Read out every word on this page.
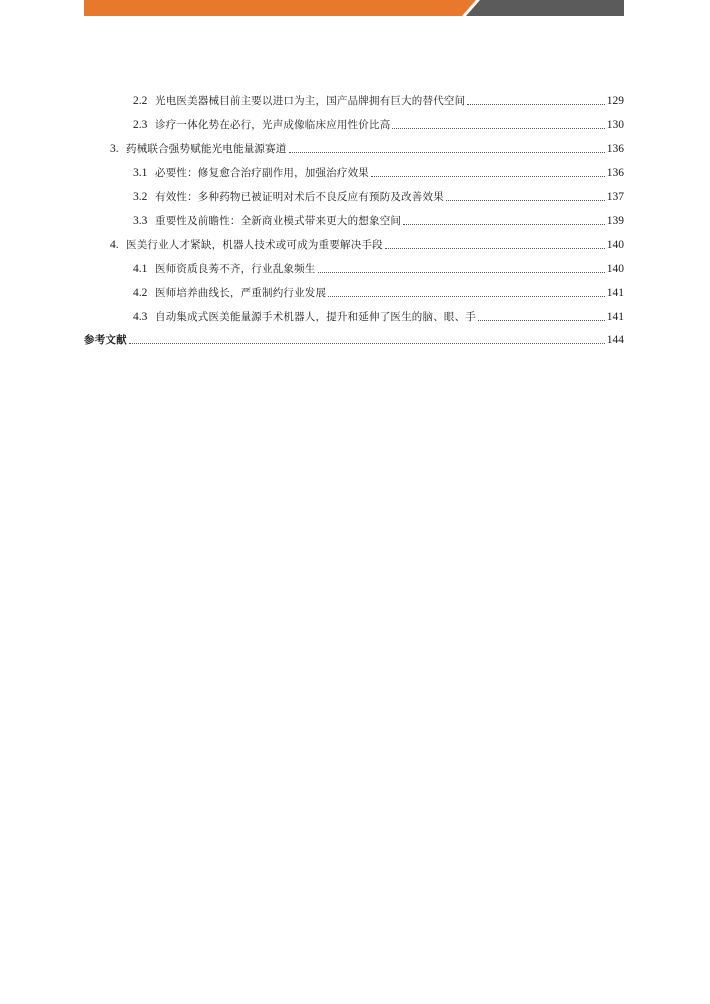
2.2 光电医美器械目前主要以进口为主，国产品牌拥有巨大的替代空间	129
2.3 诊疗一体化势在必行，光声成像临床应用性价比高	130
3. 药械联合强势赋能光电能量源赛道	136
3.1 必要性：修复愈合治疗副作用，加强治疗效果	136
3.2 有效性：多种药物已被证明对术后不良反应有预防及改善效果	137
3.3 重要性及前瞻性：全新商业模式带来更大的想象空间	139
4. 医美行业人才紧缺，机器人技术或可成为重要解决手段	140
4.1 医师资质良莠不齐，行业乱象频生	140
4.2 医师培养曲线长，严重制约行业发展	141
4.3 自动集成式医美能量源手术机器人，提升和延伸了医生的脑、眼、手	141
参考文献	144
